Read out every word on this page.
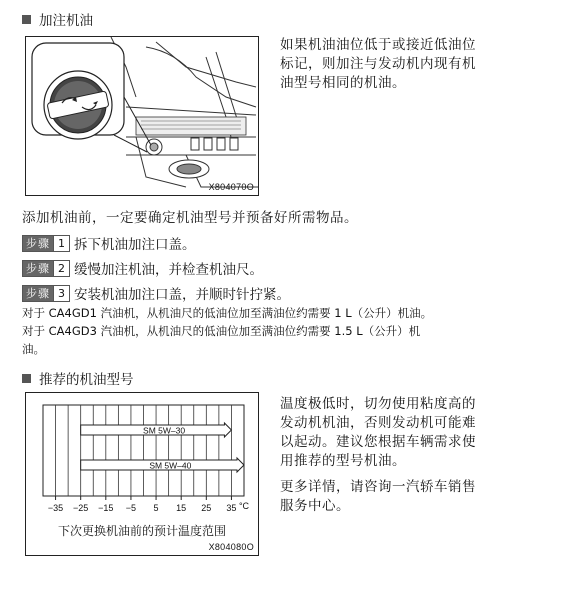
加注机油
X804070O
如果机油油位低于或接近低油位
标记，则加注与发动机内现有机
油型号相同的机油。
添加机油前，一定要确定机油型号并预备好所需物品。
步骤 1 拆下机油加注口盖。
步骤 2 缓慢加注机油，并检查机油尺。
步骤 3 安装机油加注口盖，并顺时针拧紧。
对于 CA4GD1 汽油机，从机油尺的低油位加至满油位约需要 1 L（公升）机油。
对于 CA4GD3 汽油机，从机油尺的低油位加至满油位约需要 1.5 L（公升）机
油。
推荐的机油型号
−35 −25 −15 −5 5 15 25 35 °C
SM 5W–30
SM 5W–40
下次更换机油前的预计温度范围
X804080O
温度极低时，切勿使用粘度高的
发动机机油，否则发动机可能难
以起动。建议您根据车辆需求使
用推荐的型号机油。
更多详情，请咨询一汽轿车销售
服务中心。
